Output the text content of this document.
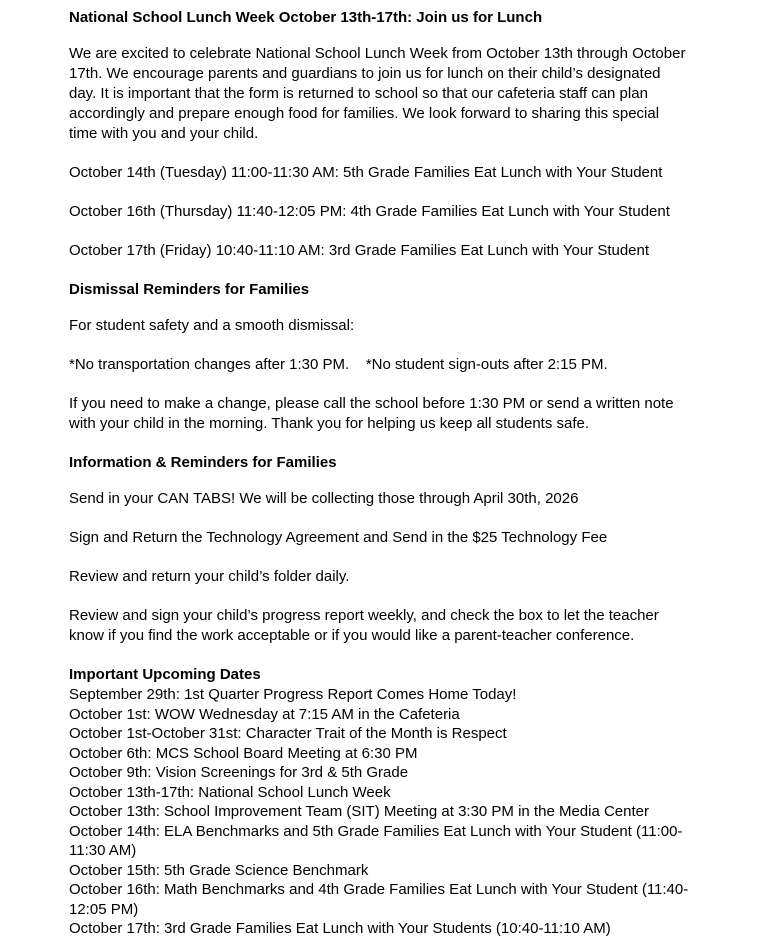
National School Lunch Week October 13th-17th: Join us for Lunch

We are excited to celebrate National School Lunch Week from October 13th through October 17th. We encourage parents and guardians to join us for lunch on their child’s designated day. It is important that the form is returned to school so that our cafeteria staff can plan accordingly and prepare enough food for families. We look forward to sharing this special time with you and your child.

October 14th (Tuesday) 11:00-11:30 AM: 5th Grade Families Eat Lunch with Your Student

October 16th (Thursday) 11:40-12:05 PM: 4th Grade Families Eat Lunch with Your Student

October 17th (Friday) 10:40-11:10 AM: 3rd Grade Families Eat Lunch with Your Student

Dismissal Reminders for Families

For student safety and a smooth dismissal:

*No transportation changes after 1:30 PM.    *No student sign-outs after 2:15 PM.

If you need to make a change, please call the school before 1:30 PM or send a written note with your child in the morning. Thank you for helping us keep all students safe.

Information & Reminders for Families

Send in your CAN TABS! We will be collecting those through April 30th, 2026

Sign and Return the Technology Agreement and Send in the $25 Technology Fee

Review and return your child’s folder daily.

Review and sign your child’s progress report weekly, and check the box to let the teacher know if you find the work acceptable or if you would like a parent-teacher conference.

Important Upcoming Dates
September 29th: 1st Quarter Progress Report Comes Home Today!
October 1st: WOW Wednesday at 7:15 AM in the Cafeteria
October 1st-October 31st: Character Trait of the Month is Respect
October 6th: MCS School Board Meeting at 6:30 PM
October 9th: Vision Screenings for 3rd & 5th Grade
October 13th-17th: National School Lunch Week
October 13th: School Improvement Team (SIT) Meeting at 3:30 PM in the Media Center
October 14th: ELA Benchmarks and 5th Grade Families Eat Lunch with Your Student (11:00-11:30 AM)
October 15th: 5th Grade Science Benchmark
October 16th: Math Benchmarks and 4th Grade Families Eat Lunch with Your Student (11:40-12:05 PM)
October 17th: 3rd Grade Families Eat Lunch with Your Students (10:40-11:10 AM)
